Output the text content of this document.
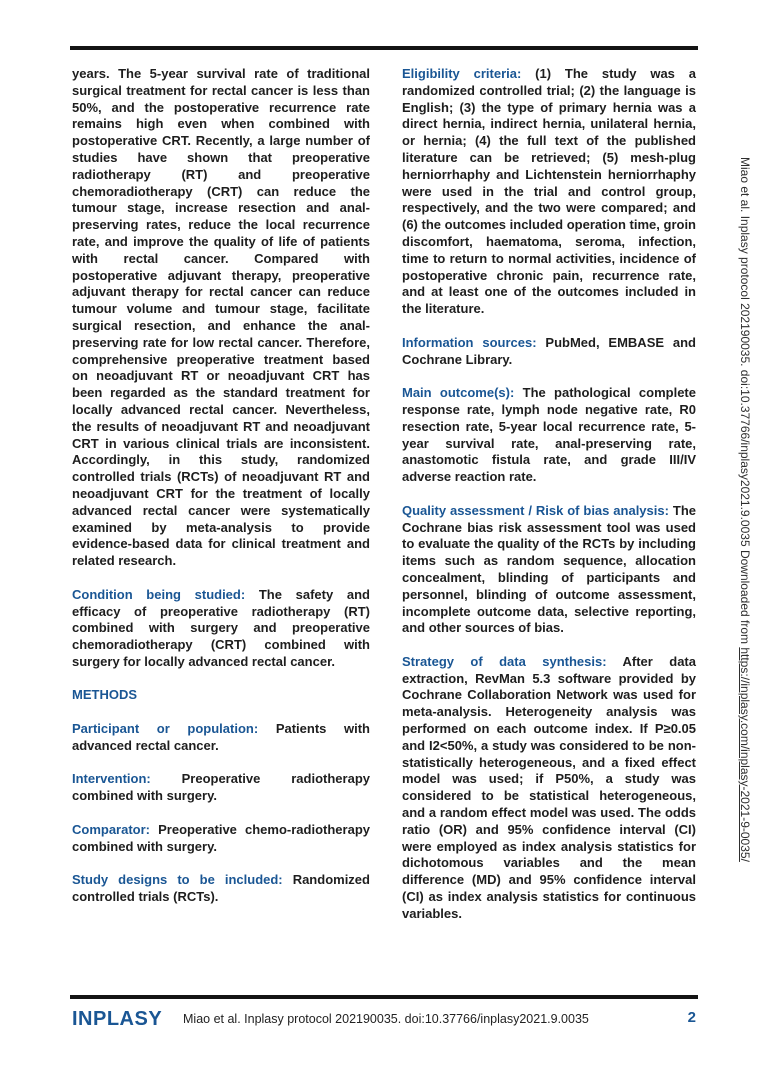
years. The 5-year survival rate of traditional surgical treatment for rectal cancer is less than 50%, and the postoperative recurrence rate remains high even when combined with postoperative CRT. Recently, a large number of studies have shown that preoperative radiotherapy (RT) and preoperative chemoradiotherapy (CRT) can reduce the tumour stage, increase resection and anal-preserving rates, reduce the local recurrence rate, and improve the quality of life of patients with rectal cancer. Compared with postoperative adjuvant therapy, preoperative adjuvant therapy for rectal cancer can reduce tumour volume and tumour stage, facilitate surgical resection, and enhance the anal-preserving rate for low rectal cancer. Therefore, comprehensive preoperative treatment based on neoadjuvant RT or neoadjuvant CRT has been regarded as the standard treatment for locally advanced rectal cancer. Nevertheless, the results of neoadjuvant RT and neoadjuvant CRT in various clinical trials are inconsistent. Accordingly, in this study, randomized controlled trials (RCTs) of neoadjuvant RT and neoadjuvant CRT for the treatment of locally advanced rectal cancer were systematically examined by meta-analysis to provide evidence-based data for clinical treatment and related research.

Condition being studied: The safety and efficacy of preoperative radiotherapy (RT) combined with surgery and preoperative chemoradiotherapy (CRT) combined with surgery for locally advanced rectal cancer.

METHODS

Participant or population: Patients with advanced rectal cancer.

Intervention: Preoperative radiotherapy combined with surgery.

Comparator: Preoperative chemo-radiotherapy combined with surgery.

Study designs to be included: Randomized controlled trials (RCTs).

Eligibility criteria: (1) The study was a randomized controlled trial; (2) the language is English; (3) the type of primary hernia was a direct hernia, indirect hernia, unilateral hernia, or hernia; (4) the full text of the published literature can be retrieved; (5) mesh-plug herniorrhaphy and Lichtenstein herniorrhaphy were used in the trial and control group, respectively, and the two were compared; and (6) the outcomes included operation time, groin discomfort, haematoma, seroma, infection, time to return to normal activities, incidence of postoperative chronic pain, recurrence rate, and at least one of the outcomes included in the literature.

Information sources: PubMed, EMBASE and Cochrane Library.

Main outcome(s): The pathological complete response rate, lymph node negative rate, R0 resection rate, 5-year local recurrence rate, 5-year survival rate, anal-preserving rate, anastomotic fistula rate, and grade III/IV adverse reaction rate.

Quality assessment / Risk of bias analysis: The Cochrane bias risk assessment tool was used to evaluate the quality of the RCTs by including items such as random sequence, allocation concealment, blinding of participants and personnel, blinding of outcome assessment, incomplete outcome data, selective reporting, and other sources of bias.

Strategy of data synthesis: After data extraction, RevMan 5.3 software provided by Cochrane Collaboration Network was used for meta-analysis. Heterogeneity analysis was performed on each outcome index. If P≥0.05 and I2<50%, a study was considered to be non-statistically heterogeneous, and a fixed effect model was used; if P50%, a study was considered to be statistical heterogeneous, and a random effect model was used. The odds ratio (OR) and 95% confidence interval (CI) were employed as index analysis statistics for dichotomous variables and the mean difference (MD) and 95% confidence interval (CI) as index analysis statistics for continuous variables.

Miao et al. Inplasy protocol 202190035. doi:10.37766/inplasy2021.9.0035 Downloaded from https://inplasy.com/inplasy-2021-9-0035/
INPLASY Miao et al. Inplasy protocol 202190035. doi:10.37766/inplasy2021.9.0035	2
